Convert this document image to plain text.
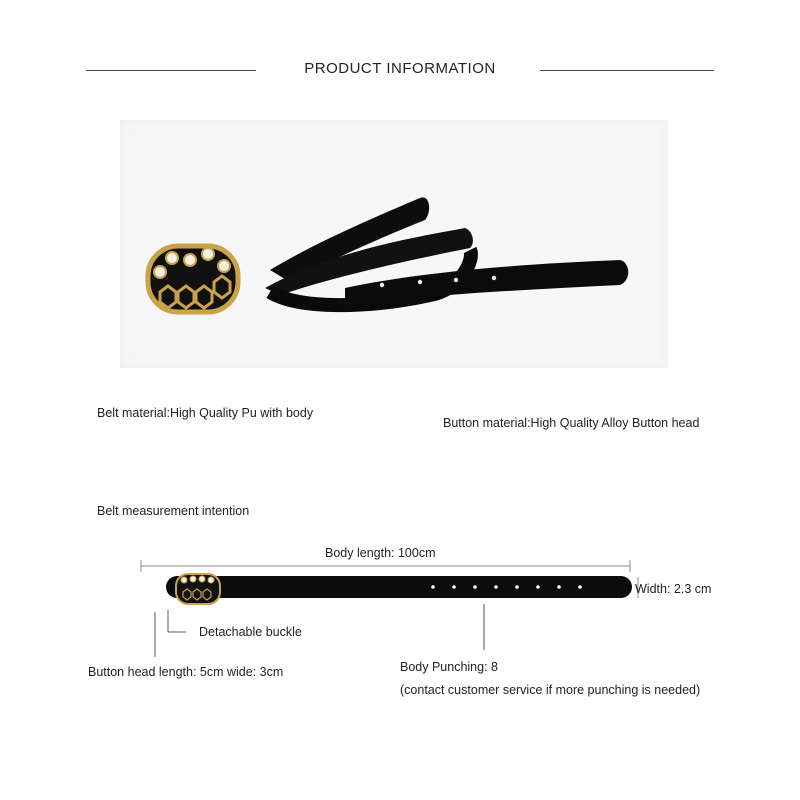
PRODUCT INFORMATION
Belt material:High Quality Pu with body
Button material:High Quality Alloy Button head
Belt measurement intention
Body length: 100cm
Width: 2.3 cm
Detachable buckle
Button head length: 5cm wide: 3cm	Body Punching: 8
(contact customer service if more punching is needed)
